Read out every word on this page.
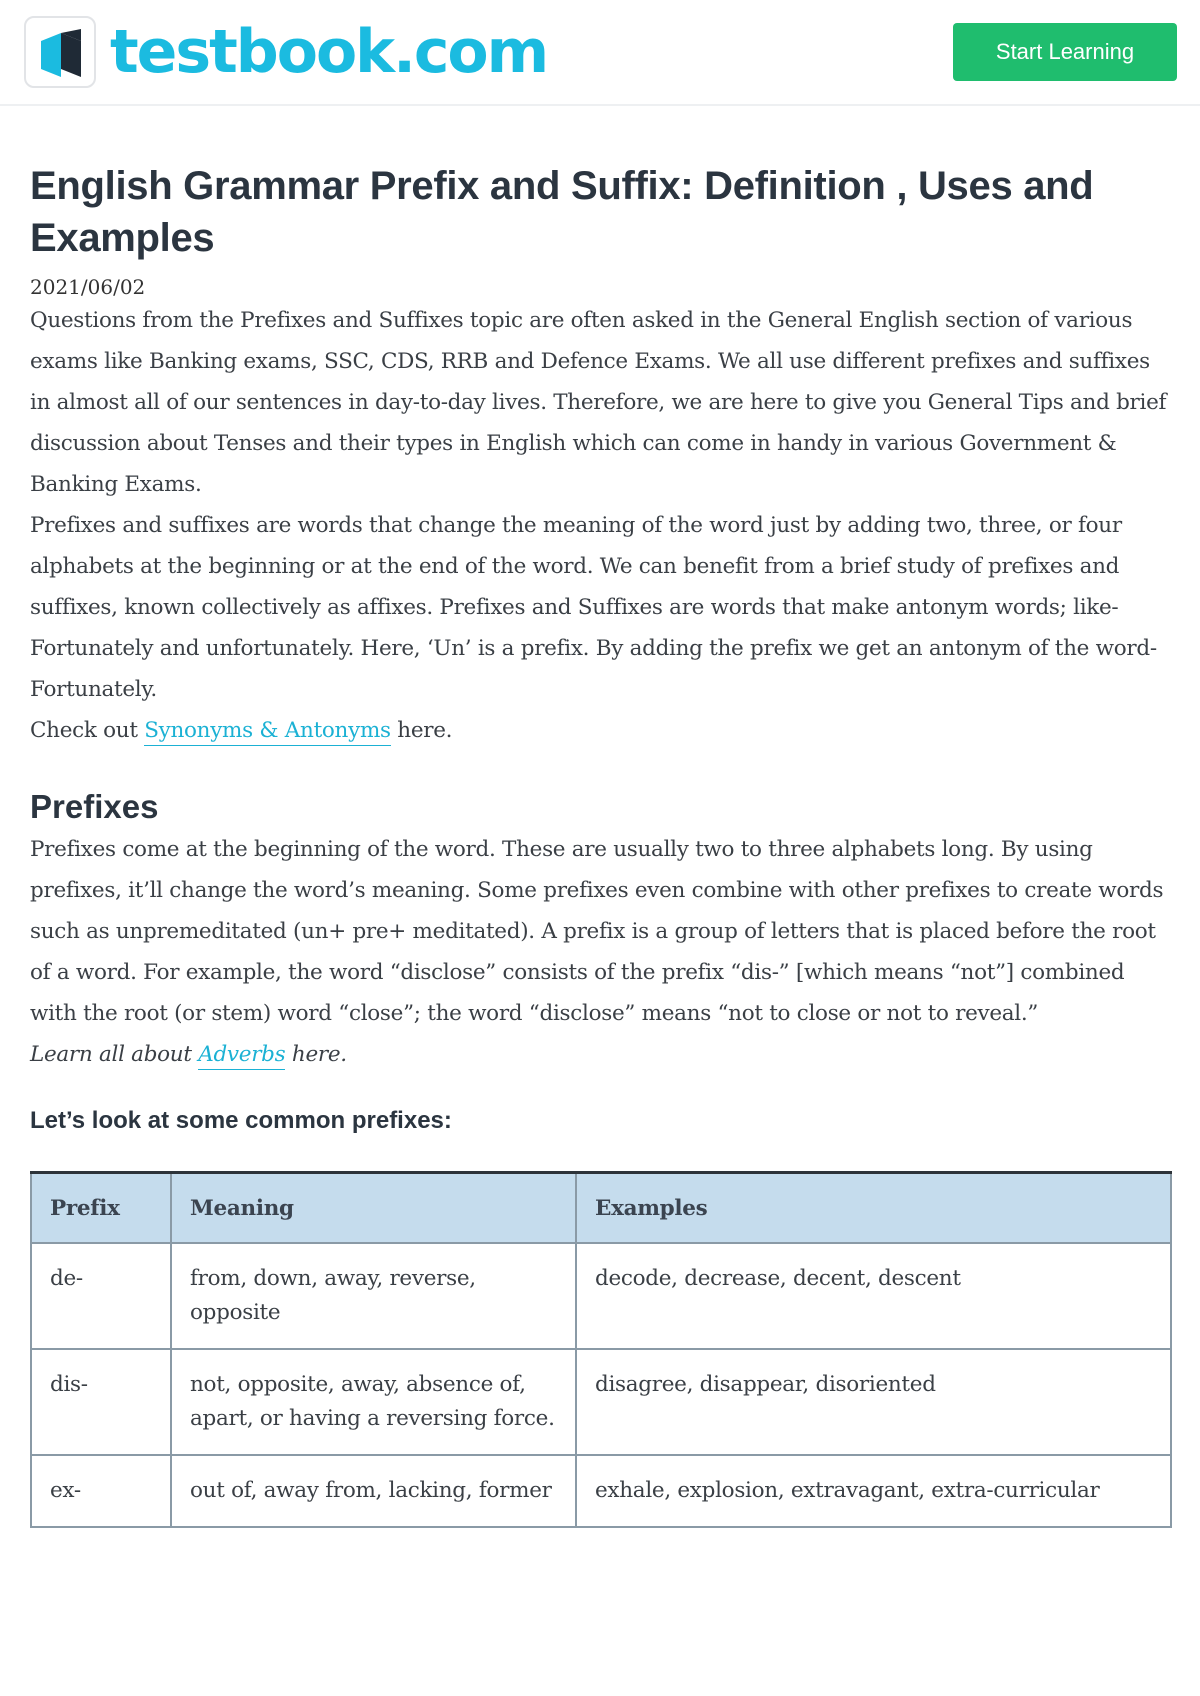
testbook.com	Start Learning
English Grammar Prefix and Suffix: Definition , Uses and Examples
2021/06/02

Questions from the Prefixes and Suffixes topic are often asked in the General English section of various exams like Banking exams, SSC, CDS, RRB and Defence Exams. We all use different prefixes and suffixes in almost all of our sentences in day-to-day lives. Therefore, we are here to give you General Tips and brief discussion about Tenses and their types in English which can come in handy in various Government & Banking Exams.

Prefixes and suffixes are words that change the meaning of the word just by adding two, three, or four alphabets at the beginning or at the end of the word. We can benefit from a brief study of prefixes and suffixes, known collectively as affixes. Prefixes and Suffixes are words that make antonym words; like- Fortunately and unfortunately. Here, ‘Un’ is a prefix. By adding the prefix we get an antonym of the word- Fortunately.

Check out Synonyms & Antonyms here.

Prefixes

Prefixes come at the beginning of the word. These are usually two to three alphabets long. By using prefixes, it’ll change the word’s meaning. Some prefixes even combine with other prefixes to create words such as unpremeditated (un+ pre+ meditated). A prefix is a group of letters that is placed before the root of a word. For example, the word “disclose” consists of the prefix “dis-” [which means “not”] combined with the root (or stem) word “close”; the word “disclose” means “not to close or not to reveal.”

Learn all about Adverbs here.

Let’s look at some common prefixes:
Prefix	Meaning	Examples
de-	from, down, away, reverse, opposite	decode, decrease, decent, descent
dis-	not, opposite, away, absence of, apart, or having a reversing force.	disagree, disappear, disoriented
ex-	out of, away from, lacking, former	exhale, explosion, extravagant, extra-curricular
